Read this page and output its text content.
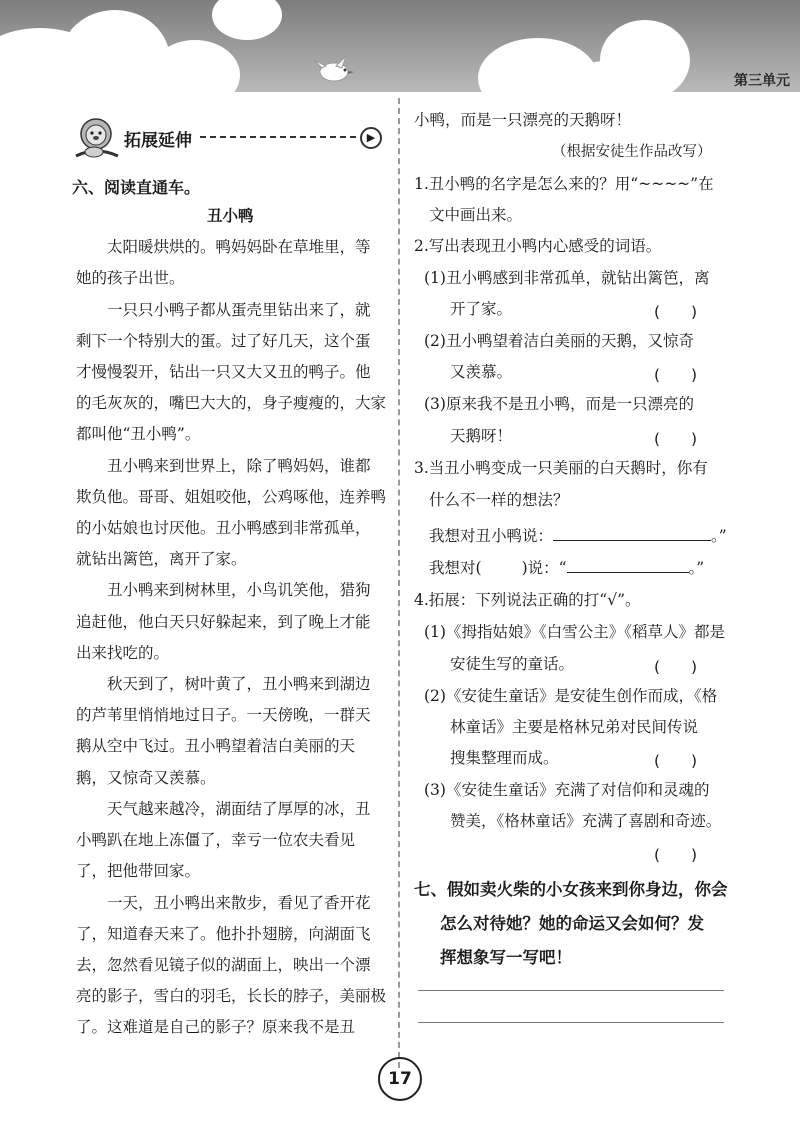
第三单元
拓展延伸	▶
六、阅读直通车。
丑小鸭
太阳暖烘烘的。鸭妈妈卧在草堆里，等
她的孩子出世。
一只只小鸭子都从蛋壳里钻出来了，就
剩下一个特别大的蛋。过了好几天，这个蛋
才慢慢裂开，钻出一只又大又丑的鸭子。他
的毛灰灰的，嘴巴大大的，身子瘦瘦的，大家
都叫他“丑小鸭”。
丑小鸭来到世界上，除了鸭妈妈，谁都
欺负他。哥哥、姐姐咬他，公鸡啄他，连养鸭
的小姑娘也讨厌他。丑小鸭感到非常孤单，
就钻出篱笆，离开了家。
丑小鸭来到树林里，小鸟讥笑他，猎狗
追赶他，他白天只好躲起来，到了晚上才能
出来找吃的。
秋天到了，树叶黄了，丑小鸭来到湖边
的芦苇里悄悄地过日子。一天傍晚，一群天
鹅从空中飞过。丑小鸭望着洁白美丽的天
鹅，又惊奇又羡慕。
天气越来越冷，湖面结了厚厚的冰，丑
小鸭趴在地上冻僵了，幸亏一位农夫看见
了，把他带回家。
一天，丑小鸭出来散步，看见了香开花
了，知道春天来了。他扑扑翅膀，向湖面飞
去，忽然看见镜子似的湖面上，映出一个漂
亮的影子，雪白的羽毛，长长的脖子，美丽极
了。这难道是自己的影子？原来我不是丑
小鸭，而是一只漂亮的天鹅呀！
（根据安徒生作品改写）
1.丑小鸭的名字是怎么来的？用“~~~~”在
文中画出来。
2.写出表现丑小鸭内心感受的词语。
(1)丑小鸭感到非常孤单，就钻出篱笆，离
开了家。	(　　)
(2)丑小鸭望着洁白美丽的天鹅，又惊奇
又羡慕。	(　　)
(3)原来我不是丑小鸭，而是一只漂亮的
天鹅呀！	(　　)
3.当丑小鸭变成一只美丽的白天鹅时，你有
什么不一样的想法？
我想对丑小鸭说：	。”
我想对(	)说：“	。”
4.拓展：下列说法正确的打“√”。
(1)《拇指姑娘》《白雪公主》《稻草人》都是
安徒生写的童话。	(　　)
(2)《安徒生童话》是安徒生创作而成，《格
林童话》主要是格林兄弟对民间传说
搜集整理而成。	(　　)
(3)《安徒生童话》充满了对信仰和灵魂的
赞美，《格林童话》充满了喜剧和奇迹。
(　　)
七、假如卖火柴的小女孩来到你身边，你会
怎么对待她？她的命运又会如何？发
挥想象写一写吧！
17
